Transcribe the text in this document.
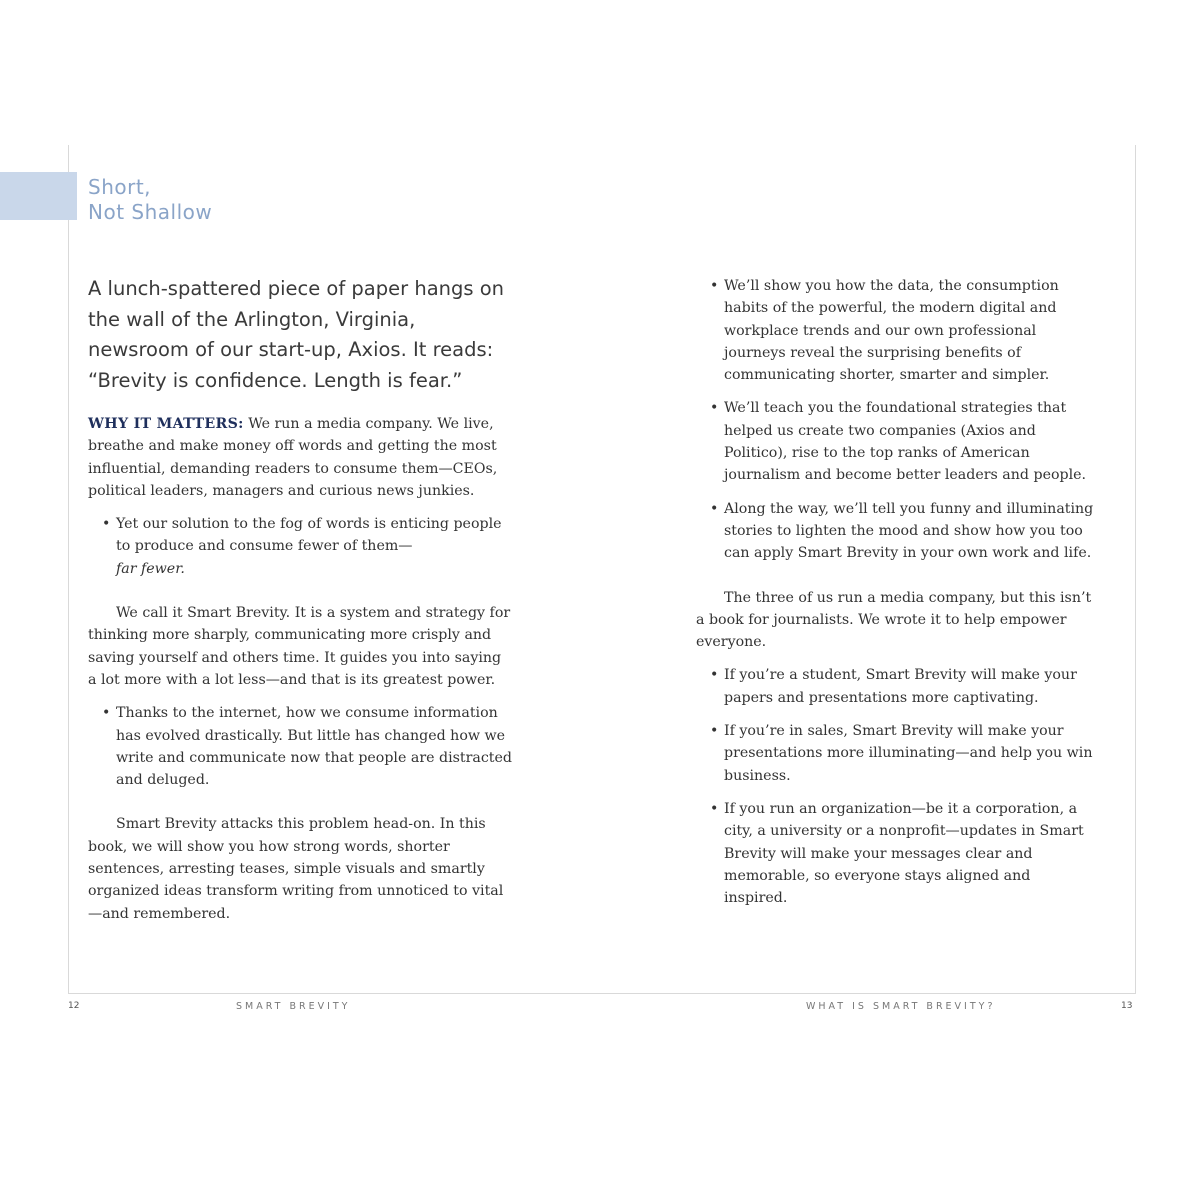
Short,
Not Shallow
A lunch-spattered piece of paper hangs on the wall of the Arlington, Virginia, newsroom of our start-up, Axios. It reads: “Brevity is confidence. Length is fear.”

WHY IT MATTERS: We run a media company. We live, breathe and make money off words and getting the most influential, demanding readers to consume them—CEOs, political leaders, managers and curious news junkies.

• Yet our solution to the fog of words is enticing people to produce and consume fewer of them—
far fewer.

We call it Smart Brevity. It is a system and strategy for thinking more sharply, communicating more crisply and saving yourself and others time. It guides you into saying a lot more with a lot less—and that is its greatest power.

• Thanks to the internet, how we consume information has evolved drastically. But little has changed how we write and communicate now that people are distracted and deluged.

Smart Brevity attacks this problem head-on. In this book, we will show you how strong words, shorter sentences, arresting teases, simple visuals and smartly organized ideas transform writing from unnoticed to vital—and remembered.

• We’ll show you how the data, the consumption habits of the powerful, the modern digital and workplace trends and our own professional journeys reveal the surprising benefits of communicating shorter, smarter and simpler.
• We’ll teach you the foundational strategies that helped us create two companies (Axios and Politico), rise to the top ranks of American journalism and become better leaders and people.
• Along the way, we’ll tell you funny and illuminating stories to lighten the mood and show how you too can apply Smart Brevity in your own work and life.

The three of us run a media company, but this isn’t a book for journalists. We wrote it to help empower everyone.

• If you’re a student, Smart Brevity will make your papers and presentations more captivating.
• If you’re in sales, Smart Brevity will make your presentations more illuminating—and help you win business.
• If you run an organization—be it a corporation, a city, a university or a nonprofit—updates in Smart Brevity will make your messages clear and memorable, so everyone stays aligned and inspired.
12	SMART BREVITY	WHAT IS SMART BREVITY?	13
